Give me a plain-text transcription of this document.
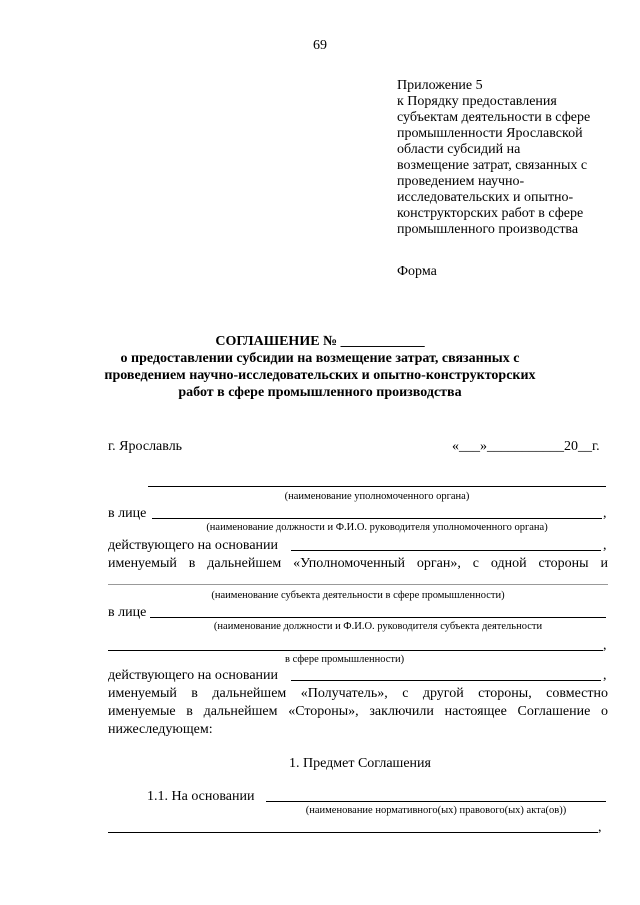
69
Приложение 5
к Порядку предоставления
субъектам деятельности в сфере
промышленности Ярославской
области субсидий на
возмещение затрат, связанных с
проведением научно-
исследовательских и опытно-
конструкторских работ в сфере
промышленного производства
Форма
СОГЛАШЕНИЕ № ____________
о предоставлении субсидии на возмещение затрат, связанных с
проведением научно-исследовательских и опытно-конструкторских
работ в сфере промышленного производства
г. Ярославль	«___»___________20__г.
(наименование уполномоченного органа)
в лице	,
(наименование должности и Ф.И.О. руководителя уполномоченного органа)
действующего на основании	,
именуемый в дальнейшем «Уполномоченный орган», с одной стороны и
(наименование субъекта деятельности в сфере промышленности)
в лице
(наименование должности и Ф.И.О. руководителя субъекта деятельности
,
в сфере промышленности)
действующего на основании	,
именуемый в дальнейшем «Получатель», с другой стороны, совместно
именуемые в дальнейшем «Стороны», заключили настоящее Соглашение о
нижеследующем:
1. Предмет Соглашения
1.1. На основании
(наименование нормативного(ых) правового(ых) акта(ов))
,
